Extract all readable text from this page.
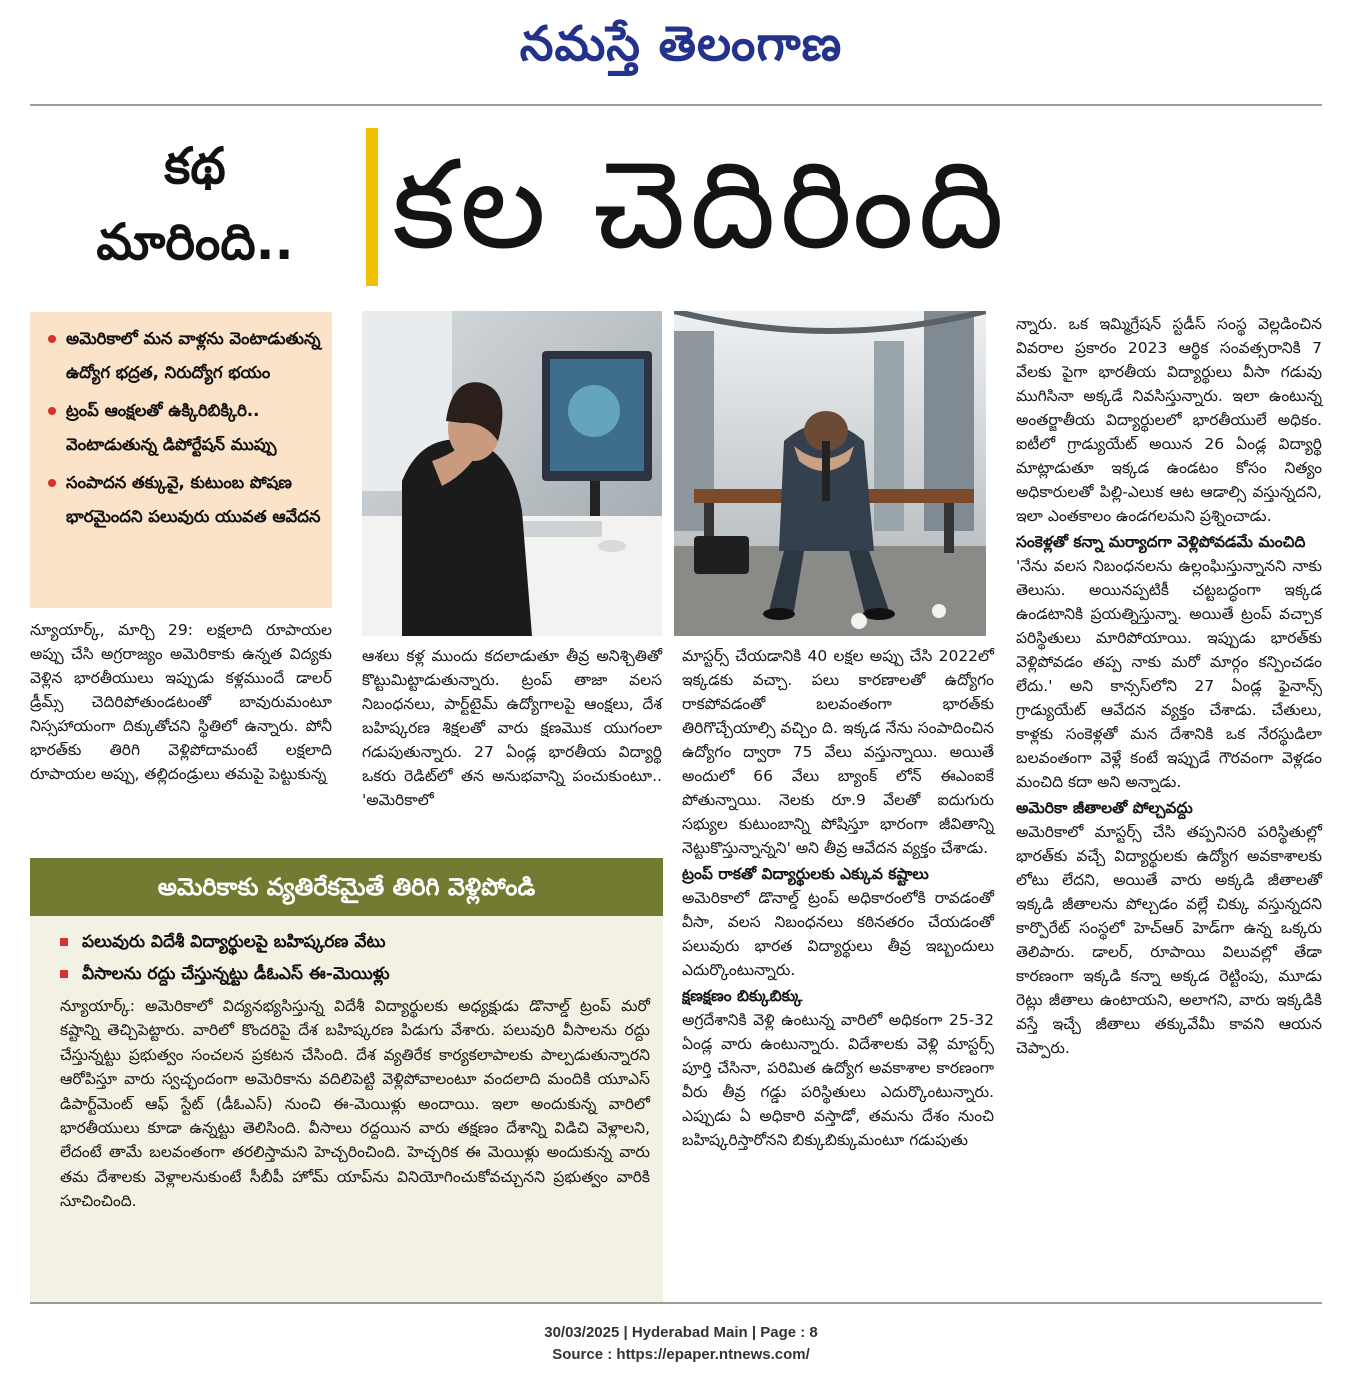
నమస్తే తెలంగాణ
కథ
మారింది.. కల చెదిరింది
అమెరికాలో మన వాళ్లను వెంటాడుతున్న ఉద్యోగ భద్రత, నిరుద్యోగ భయం
ట్రంప్ ఆంక్షలతో ఉక్కిరిబిక్కిరి.. వెంటాడుతున్న డిపోర్టేషన్ ముప్పు
సంపాదన తక్కువై, కుటుంబ పోషణ భారమైందని పలువురు యువత ఆవేదన

న్యూయార్క్, మార్చి 29: లక్షలాది రూపాయల అప్పు చేసి అగ్రరాజ్యం అమెరికాకు ఉన్నత విద్యకు వెళ్లిన భారతీయులు ఇప్పుడు కళ్లముందే డాలర్ డ్రీమ్స్ చెదిరిపోతుండటంతో బావురుమంటూ నిస్సహాయంగా దిక్కుతోచని స్థితిలో ఉన్నారు. పోనీ భారత్‌కు తిరిగి వెళ్లిపోదామంటే లక్షలాది రూపాయల అప్పు, తల్లిదండ్రులు తమపై పెట్టుకున్న

ఆశలు కళ్ల ముందు కదలాడుతూ తీవ్ర అనిశ్చితితో కొట్టుమిట్టాడుతున్నారు. ట్రంప్ తాజా వలస నిబంధనలు, పార్ట్‌టైమ్ ఉద్యోగాలపై ఆంక్షలు, దేశ బహిష్కరణ శిక్షలతో వారు క్షణమొక యుగంలా గడుపుతున్నారు. 27 ఏండ్ల భారతీయ విద్యార్థి ఒకరు రెడిట్‌లో తన అనుభవాన్ని పంచుకుంటూ.. 'అమెరికాలో

మాస్టర్స్ చేయడానికి 40 లక్షల అప్పు చేసి 2022లో ఇక్కడకు వచ్చా. పలు కారణాలతో ఉద్యోగం రాకపోవడంతో బలవంతంగా భారత్‌కు తిరిగొచ్చేయాల్సి వచ్చిం ది. ఇక్కడ నేను సంపాదించిన ఉద్యోగం ద్వారా 75 వేలు వస్తున్నాయి. అయితే అందులో 66 వేలు బ్యాంక్ లోన్ ఈఎంఐకే పోతున్నాయి. నెలకు రూ.9 వేలతో ఐదుగురు సభ్యుల కుటుంబాన్ని పోషిస్తూ భారంగా జీవితాన్ని నెట్టుకొస్తున్నాన్నని' అని తీవ్ర ఆవేదన వ్యక్తం చేశాడు.

ట్రంప్ రాకతో విద్యార్థులకు ఎక్కువ కష్టాలు

అమెరికాలో డొనాల్డ్ ట్రంప్ అధికారంలోకి రావడంతో వీసా, వలస నిబంధనలు కఠినతరం చేయడంతో పలువురు భారత విద్యార్థులు తీవ్ర ఇబ్బందులు ఎదుర్కొంటున్నారు.

క్షణక్షణం బిక్కుబిక్కు

అగ్రదేశానికి వెళ్లి ఉంటున్న వారిలో అధికంగా 25-32 ఏండ్ల వారు ఉంటున్నారు. విదేశాలకు వెళ్లి మాస్టర్స్ పూర్తి చేసినా, పరిమిత ఉద్యోగ అవకాశాల కారణంగా వీరు తీవ్ర గడ్డు పరిస్థితులు ఎదుర్కొంటున్నారు. ఎప్పుడు ఏ అధికారి వస్తాడో, తమను దేశం నుంచి బహిష్కరిస్తారోనని బిక్కుబిక్కుమంటూ గడుపుతు

న్నారు. ఒక ఇమ్మిగ్రేషన్ స్టడీస్ సంస్థ వెల్లడించిన వివరాల ప్రకారం 2023 ఆర్థిక సంవత్సరానికి 7 వేలకు పైగా భారతీయ విద్యార్థులు వీసా గడువు ముగిసినా అక్కడే నివసిస్తున్నారు. ఇలా ఉంటున్న అంతర్జాతీయ విద్యార్థులలో భారతీయులే అధికం. ఐటీలో గ్రాడ్యుయేట్ అయిన 26 ఏండ్ల విద్యార్థి మాట్లాడుతూ ఇక్కడ ఉండటం కోసం నిత్యం అధికారులతో పిల్లి-ఎలుక ఆట ఆడాల్సి వస్తున్నదని, ఇలా ఎంతకాలం ఉండగలమని ప్రశ్నించాడు.

సంకెళ్లతో కన్నా మర్యాదగా వెళ్లిపోవడమే మంచిది

'నేను వలస నిబంధనలను ఉల్లంఘిస్తున్నానని నాకు తెలుసు. అయినప్పటికీ చట్టబద్ధంగా ఇక్కడ ఉండటానికి ప్రయత్నిస్తున్నా. అయితే ట్రంప్ వచ్చాక పరిస్థితులు మారిపోయాయి. ఇప్పుడు భారత్‌కు వెళ్లిపోవడం తప్ప నాకు మరో మార్గం కన్పించడం లేదు.' అని కాన్సస్‌లోని 27 ఏండ్ల ఫైనాన్స్ గ్రాడ్యుయేట్ ఆవేదన వ్యక్తం చేశాడు. చేతులు, కాళ్లకు సంకెళ్లతో మన దేశానికి ఒక నేరస్థుడిలా బలవంతంగా వెళ్లే కంటే ఇప్పుడే గౌరవంగా వెళ్లడం మంచిది కదా అని అన్నాడు.

అమెరికా జీతాలతో పోల్చవద్దు

అమెరికాలో మాస్టర్స్ చేసి తప్పనిసరి పరిస్థితుల్లో భారత్‌కు వచ్చే విద్యార్థులకు ఉద్యోగ అవకాశాలకు లోటు లేదని, అయితే వారు అక్కడి జీతాలతో ఇక్కడి జీతాలను పోల్చడం వల్లే చిక్కు వస్తున్నదని కార్పొరేట్ సంస్థలో హెచ్‌ఆర్ హెడ్‌గా ఉన్న ఒక్కరు తెలిపారు. డాలర్, రూపాయి విలువల్లో తేడా కారణంగా ఇక్కడి కన్నా అక్కడ రెట్టింపు, మూడు రెట్లు జీతాలు ఉంటాయని, అలాగని, వారు ఇక్కడికి వస్తే ఇచ్చే జీతాలు తక్కువేమీ కావని ఆయన చెప్పారు.

అమెరికాకు వ్యతిరేకమైతే తిరిగి వెళ్లిపోండి
పలువురు విదేశీ విద్యార్థులపై బహిష్కరణ వేటు
వీసాలను రద్దు చేస్తున్నట్టు డీఓఎస్ ఈ-మెయిళ్లు
న్యూయార్క్: అమెరికాలో విద్యనభ్యసిస్తున్న విదేశీ విద్యార్థులకు అధ్యక్షుడు డొనాల్డ్ ట్రంప్ మరో కష్టాన్ని తెచ్చిపెట్టారు. వారిలో కొందరిపై దేశ బహిష్కరణ పిడుగు వేశారు. పలువురి వీసాలను రద్దు చేస్తున్నట్టు ప్రభుత్వం సంచలన ప్రకటన చేసింది. దేశ వ్యతిరేక కార్యకలాపాలకు పాల్పడుతున్నారని ఆరోపిస్తూ వారు స్వచ్ఛందంగా అమెరికాను వదిలిపెట్టి వెళ్లిపోవాలంటూ వందలాది మందికి యూఎస్ డిపార్ట్‌మెంట్ ఆఫ్ స్టేట్ (డీఓఎస్) నుంచి ఈ-మెయిళ్లు అందాయి. ఇలా అందుకున్న వారిలో భారతీయులు కూడా ఉన్నట్టు తెలిసింది. వీసాలు రద్దయిన వారు తక్షణం దేశాన్ని విడిచి వెళ్లాలని, లేదంటే తామే బలవంతంగా తరలిస్తామని హెచ్చరించింది. హెచ్చరిక ఈ మెయిళ్లు అందుకున్న వారు తమ దేశాలకు వెళ్లాలనుకుంటే సీబీపీ హోమ్ యాప్‌ను వినియోగించుకోవచ్చునని ప్రభుత్వం వారికి సూచించింది.
30/03/2025 | Hyderabad Main | Page : 8
Source : https://epaper.ntnews.com/
